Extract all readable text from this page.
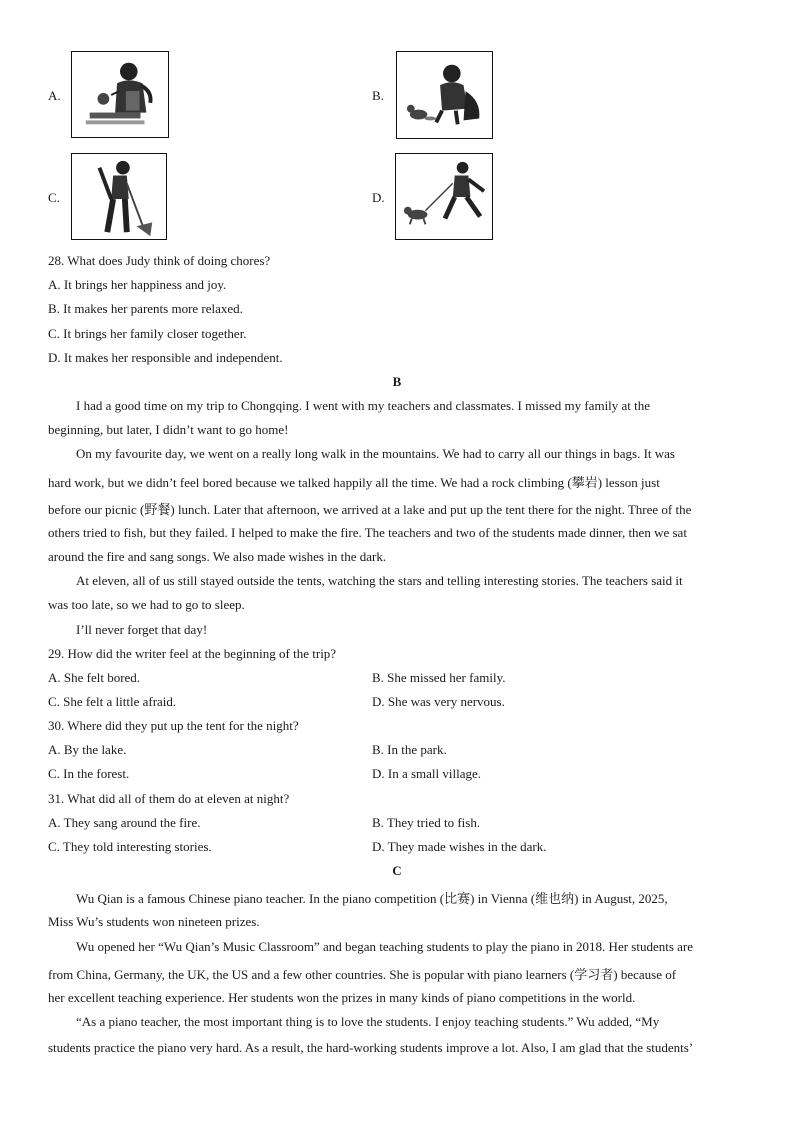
A.	B.
C.	D.
28. What does Judy think of doing chores?
A. It brings her happiness and joy.
B. It makes her parents more relaxed.
C. It brings her family closer together.
D. It makes her responsible and independent.
B
I had a good time on my trip to Chongqing. I went with my teachers and classmates. I missed my family at the
beginning, but later, I didn’t want to go home!
On my favourite day, we went on a really long walk in the mountains. We had to carry all our things in bags. It was
hard work, but we didn’t feel bored because we talked happily all the time. We had a rock climbing (攀岩) lesson just
before our picnic (野餐) lunch. Later that afternoon, we arrived at a lake and put up the tent there for the night. Three of the
others tried to fish, but they failed. I helped to make the fire. The teachers and two of the students made dinner, then we sat
around the fire and sang songs. We also made wishes in the dark.
At eleven, all of us still stayed outside the tents, watching the stars and telling interesting stories. The teachers said it
was too late, so we had to go to sleep.
I’ll never forget that day!
29. How did the writer feel at the beginning of the trip?
A. She felt bored.	B. She missed her family.
C. She felt a little afraid.	D. She was very nervous.
30. Where did they put up the tent for the night?
A. By the lake.	B. In the park.
C. In the forest.	D. In a small village.
31. What did all of them do at eleven at night?
A. They sang around the fire.	B. They tried to fish.
C. They told interesting stories.	D. They made wishes in the dark.
C
Wu Qian is a famous Chinese piano teacher. In the piano competition (比赛) in Vienna (维也纳) in August, 2025,
Miss Wu’s students won nineteen prizes.
Wu opened her “Wu Qian’s Music Classroom” and began teaching students to play the piano in 2018. Her students are
from China, Germany, the UK, the US and a few other countries. She is popular with piano learners (学习者) because of
her excellent teaching experience. Her students won the prizes in many kinds of piano competitions in the world.
“As a piano teacher, the most important thing is to love the students. I enjoy teaching students.” Wu added, “My
students practice the piano very hard. As a result, the hard-working students improve a lot. Also, I am glad that the students’
